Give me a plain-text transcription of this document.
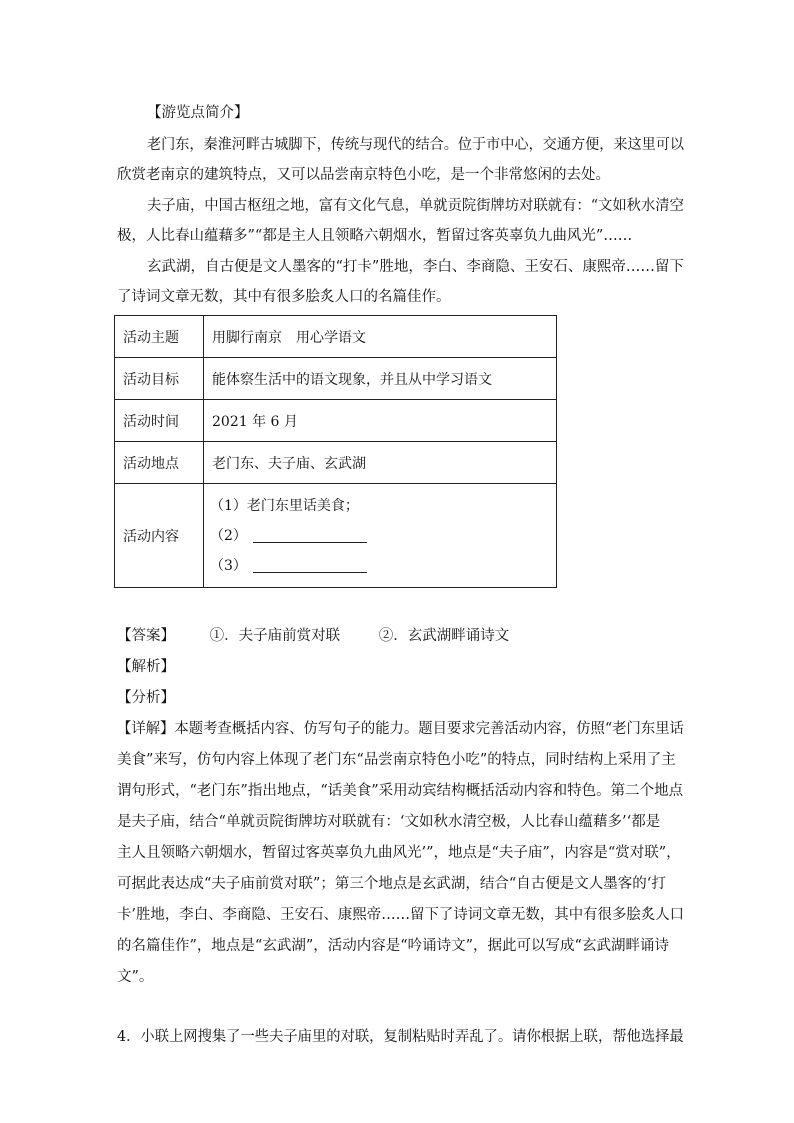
【游览点简介】
老门东，秦淮河畔古城脚下，传统与现代的结合。位于市中心，交通方便，来这里可以
欣赏老南京的建筑特点，又可以品尝南京特色小吃，是一个非常悠闲的去处。
夫子庙，中国古枢纽之地，富有文化气息，单就贡院街牌坊对联就有：“文如秋水清空
极，人比春山蕴藉多”“都是主人且领略六朝烟水，暂留过客英辜负九曲风光”……
玄武湖，自古便是文人墨客的“打卡”胜地，李白、李商隐、王安石、康熙帝……留下
了诗词文章无数，其中有很多脍炙人口的名篇佳作。
活动主题	用脚行南京　用心学语文
活动目标	能体察生活中的语文现象，并且从中学习语文
活动时间	2021 年 6 月
活动地点	老门东、夫子庙、玄武湖
活动内容	（1）老门东里话美食；
（2）
（3）
【答案】 ①．夫子庙前赏对联	②．玄武湖畔诵诗文
【解析】
【分析】
【详解】本题考查概括内容、仿写句子的能力。题目要求完善活动内容，仿照“老门东里话
美食”来写，仿句内容上体现了老门东“品尝南京特色小吃”的特点，同时结构上采用了主
谓句形式，“老门东”指出地点，“话美食”采用动宾结构概括活动内容和特色。第二个地点
是夫子庙，结合“单就贡院街牌坊对联就有：‘文如秋水清空极，人比春山蕴藉多’‘都是
主人且领略六朝烟水，暂留过客英辜负九曲风光’”，地点是“夫子庙”，内容是“赏对联”，
可据此表达成“夫子庙前赏对联”；第三个地点是玄武湖，结合“自古便是文人墨客的‘打
卡’胜地，李白、李商隐、王安石、康熙帝……留下了诗词文章无数，其中有很多脍炙人口
的名篇佳作”，地点是“玄武湖”，活动内容是“吟诵诗文”，据此可以写成“玄武湖畔诵诗
文”。
4．小联上网搜集了一些夫子庙里的对联，复制粘贴时弄乱了。请你根据上联，帮他选择最
